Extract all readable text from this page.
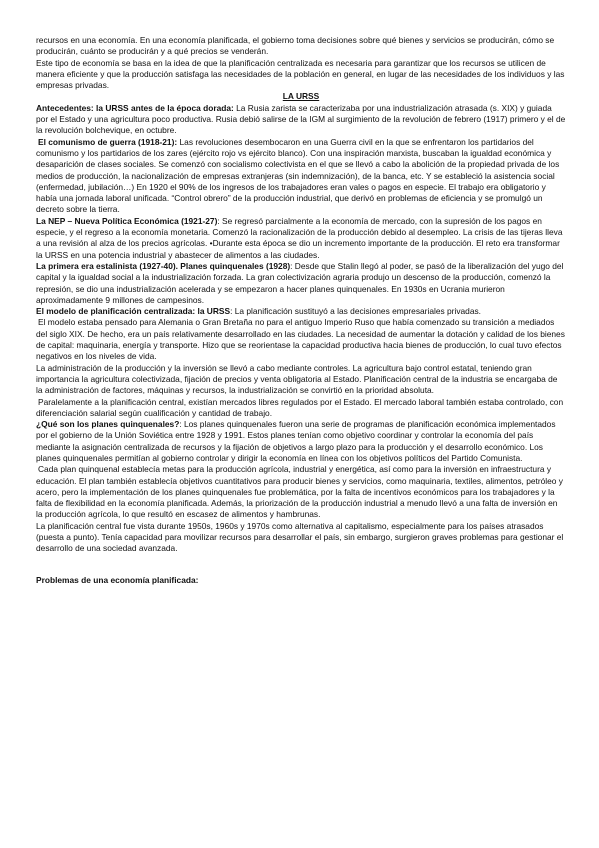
recursos en una economía. En una economía planificada, el gobierno toma decisiones sobre qué bienes y servicios se producirán, cómo se producirán, cuánto se producirán y a qué precios se venderán.

Este tipo de economía se basa en la idea de que la planificación centralizada es necesaria para garantizar que los recursos se utilicen de manera eficiente y que la producción satisfaga las necesidades de la población en general, en lugar de las necesidades de los individuos y las empresas privadas.

LA URSS

Antecedentes: la URSS antes de la época dorada: La Rusia zarista se caracterizaba por una industrialización atrasada (s. XIX) y guiada por el Estado y una agricultura poco productiva. Rusia debió salirse de la IGM al surgimiento de la revolución de febrero (1917) primero y el de la revolución bolchevique, en octubre.

El comunismo de guerra (1918-21): Las revoluciones desembocaron en una Guerra civil en la que se enfrentaron los partidarios del comunismo y los partidarios de los zares (ejército rojo vs ejército blanco). Con una inspiración marxista, buscaban la igualdad económica y desaparición de clases sociales. Se comenzó con socialismo colectivista en el que se llevó a cabo la abolición de la propiedad privada de los medios de producción, la nacionalización de empresas extranjeras (sin indemnización), de la banca, etc. Y se estableció la asistencia social (enfermedad, jubilación…) En 1920 el 90% de los ingresos de los trabajadores eran vales o pagos en especie. El trabajo era obligatorio y había una jornada laboral unificada. “Control obrero” de la producción industrial, que derivó en problemas de eficiencia y se promulgó un decreto sobre la tierra.

La NEP – Nueva Política Económica (1921-27): Se regresó parcialmente a la economía de mercado, con la supresión de los pagos en especie, y el regreso a la economía monetaria. Comenzó la racionalización de la producción debido al desempleo. La crisis de las tijeras lleva a una revisión al alza de los precios agrícolas. •Durante esta época se dio un incremento importante de la producción. El reto era transformar la URSS en una potencia industrial y abastecer de alimentos a las ciudades.

La primera era estalinista (1927-40). Planes quinquenales (1928): Desde que Stalin llegó al poder, se pasó de la liberalización del yugo del capital y la igualdad social a la industrialización forzada. La gran colectivización agraria produjo un descenso de la producción, comenzó la represión, se dio una industrialización acelerada y se empezaron a hacer planes quinquenales. En 1930s en Ucrania murieron aproximadamente 9 millones de campesinos.

El modelo de planificación centralizada: la URSS: La planificación sustituyó a las decisiones empresariales privadas.

El modelo estaba pensado para Alemania o Gran Bretaña no para el antiguo Imperio Ruso que había comenzado su transición a mediados del siglo XIX. De hecho, era un país relativamente desarrollado en las ciudades. La necesidad de aumentar la dotación y calidad de los bienes de capital: maquinaria, energía y transporte. Hizo que se reorientase la capacidad productiva hacia bienes de producción, lo cual tuvo efectos negativos en los niveles de vida.

La administración de la producción y la inversión se llevó a cabo mediante controles. La agricultura bajo control estatal, teniendo gran importancia la agricultura colectivizada, fijación de precios y venta obligatoria al Estado. Planificación central de la industria se encargaba de la administración de factores, máquinas y recursos, la industrialización se convirtió en la prioridad absoluta.

Paralelamente a la planificación central, existían mercados libres regulados por el Estado. El mercado laboral también estaba controlado, con diferenciación salarial según cualificación y cantidad de trabajo.

¿Qué son los planes quinquenales?: Los planes quinquenales fueron una serie de programas de planificación económica implementados por el gobierno de la Unión Soviética entre 1928 y 1991. Estos planes tenían como objetivo coordinar y controlar la economía del país mediante la asignación centralizada de recursos y la fijación de objetivos a largo plazo para la producción y el desarrollo económico. Los planes quinquenales permitían al gobierno controlar y dirigir la economía en línea con los objetivos políticos del Partido Comunista.

Cada plan quinquenal establecía metas para la producción agrícola, industrial y energética, así como para la inversión en infraestructura y educación. El plan también establecía objetivos cuantitativos para producir bienes y servicios, como maquinaria, textiles, alimentos, petróleo y acero, pero la implementación de los planes quinquenales fue problemática, por la falta de incentivos económicos para los trabajadores y la falta de flexibilidad en la economía planificada. Además, la priorización de la producción industrial a menudo llevó a una falta de inversión en la producción agrícola, lo que resultó en escasez de alimentos y hambrunas.

La planificación central fue vista durante 1950s, 1960s y 1970s como alternativa al capitalismo, especialmente para los países atrasados (puesta a punto). Tenía capacidad para movilizar recursos para desarrollar el país, sin embargo, surgieron graves problemas para gestionar el desarrollo de una sociedad avanzada.

Problemas de una economía planificada:
